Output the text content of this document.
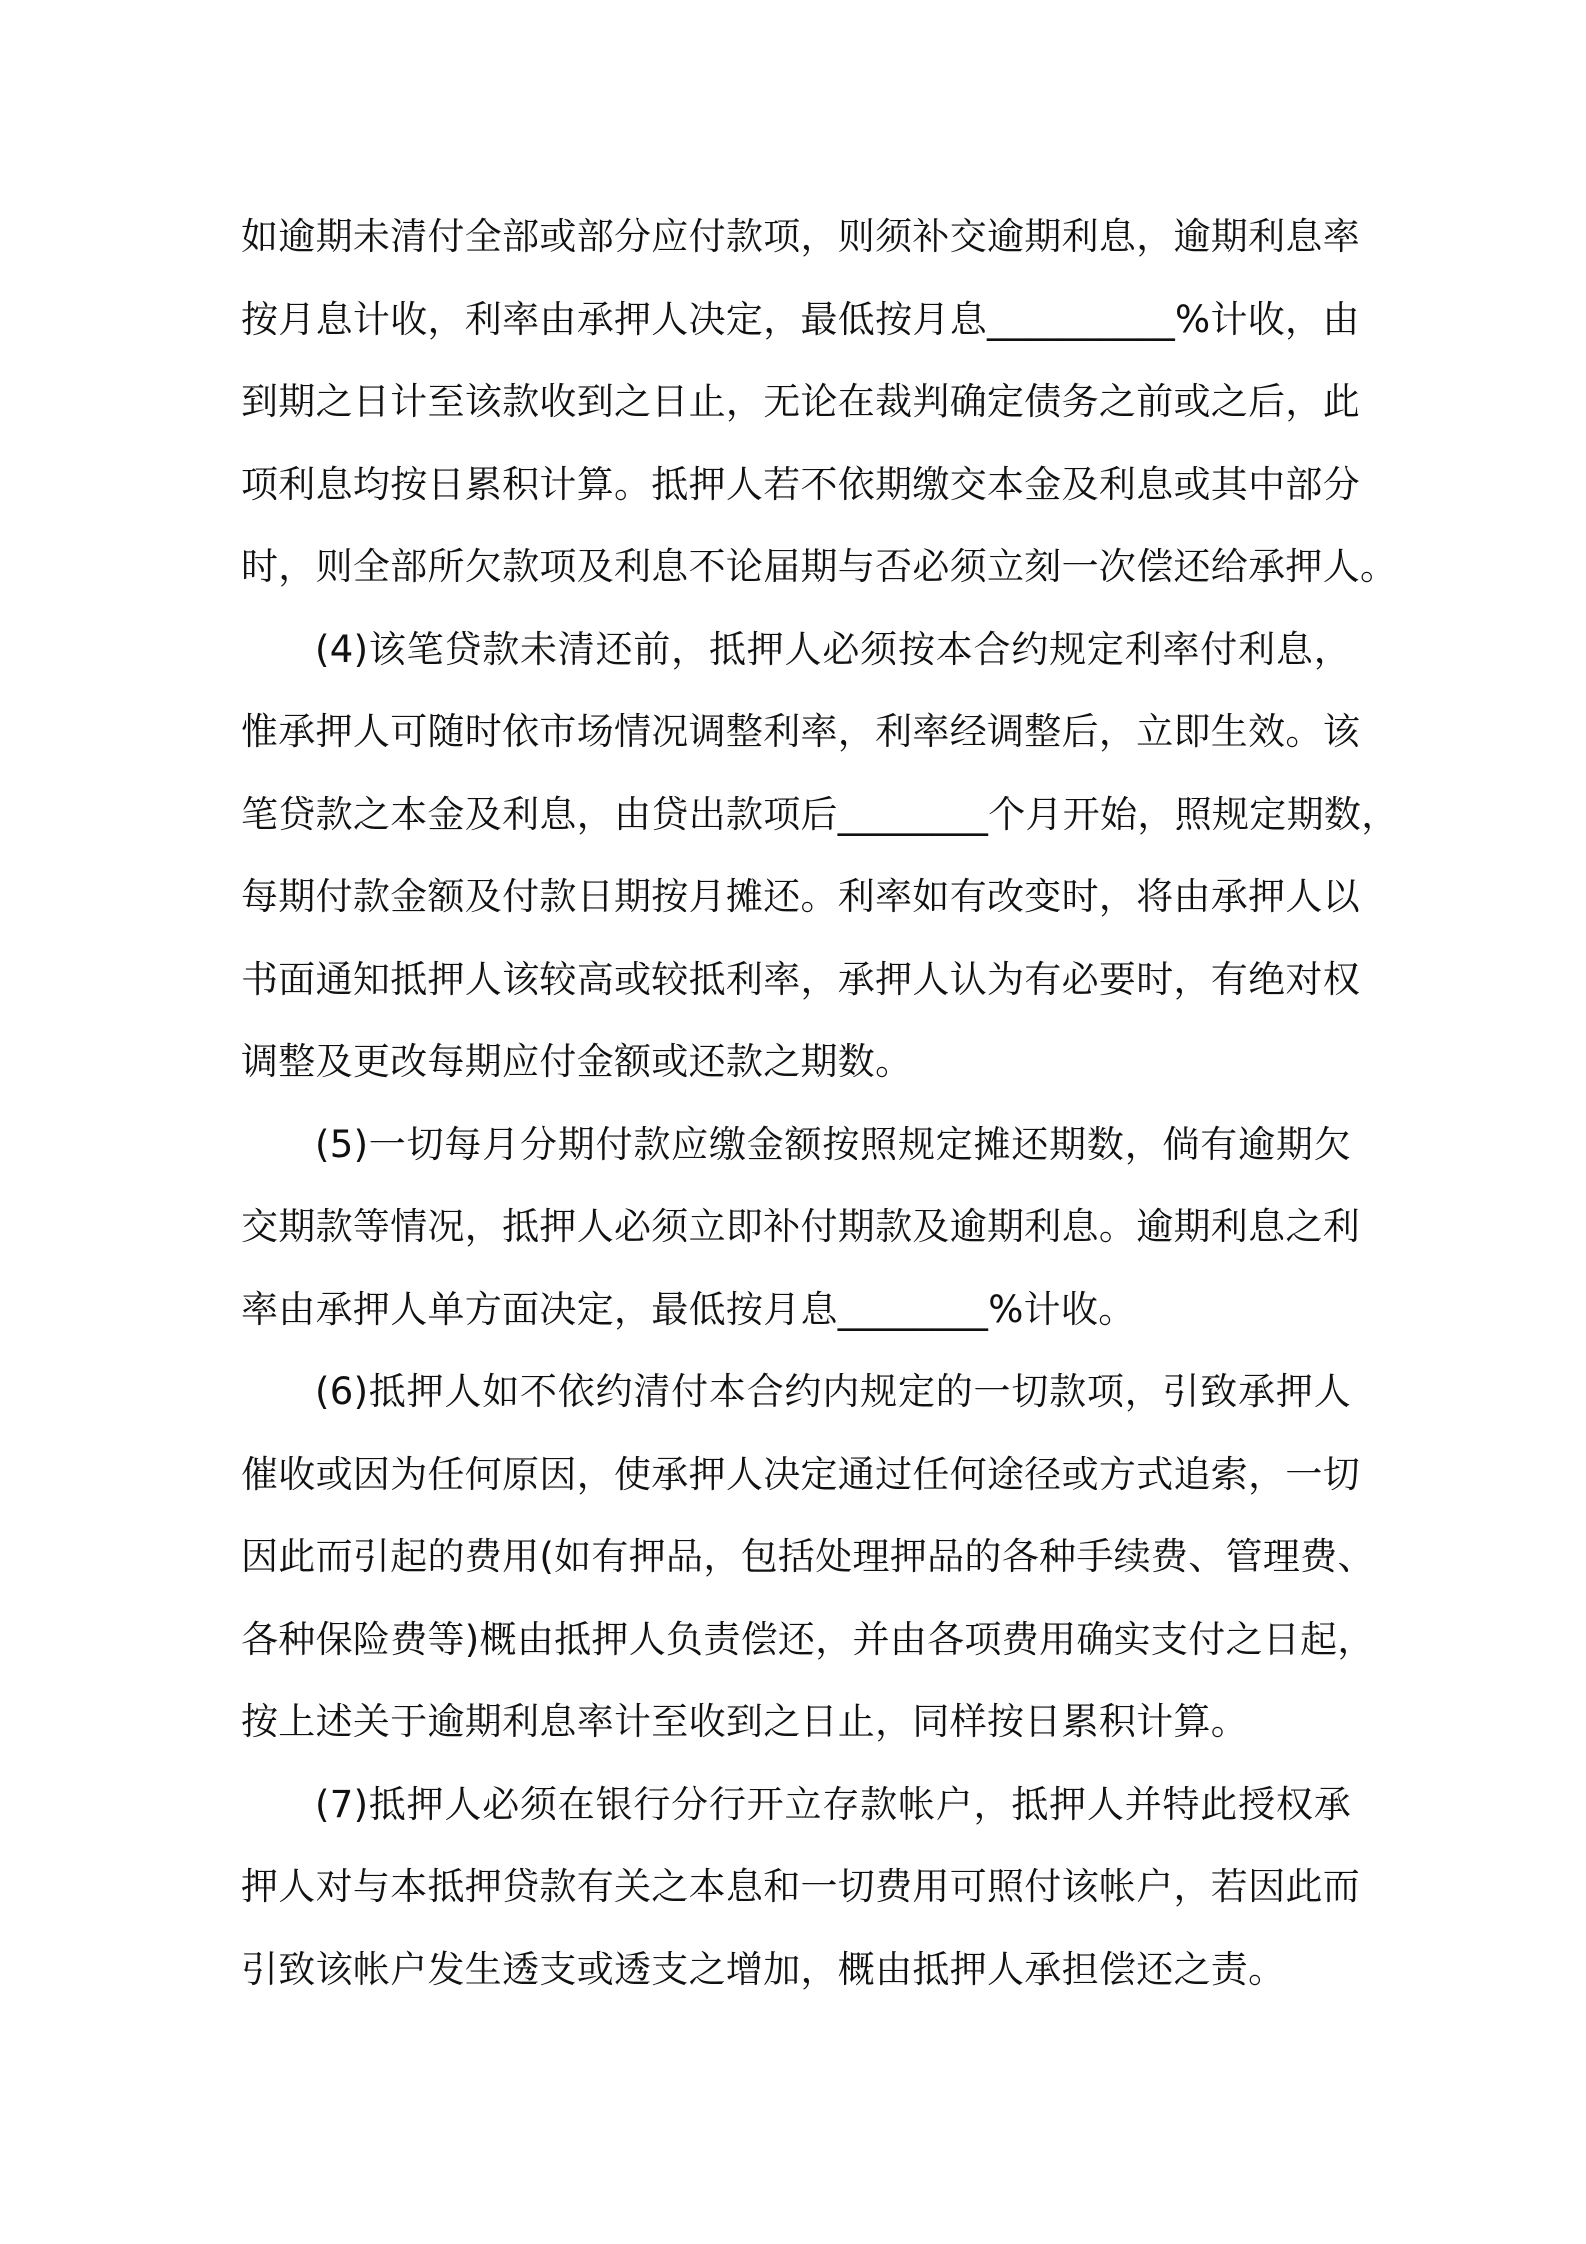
如逾期未清付全部或部分应付款项，则须补交逾期利息，逾期利息率
按月息计收，利率由承押人决定，最低按月息__________%计收，由
到期之日计至该款收到之日止，无论在裁判确定债务之前或之后，此
项利息均按日累积计算。抵押人若不依期缴交本金及利息或其中部分
时，则全部所欠款项及利息不论届期与否必须立刻一次偿还给承押人。

(4)该笔贷款未清还前，抵押人必须按本合约规定利率付利息，
惟承押人可随时依市场情况调整利率，利率经调整后，立即生效。该
笔贷款之本金及利息，由贷出款项后________个月开始，照规定期数，
每期付款金额及付款日期按月摊还。利率如有改变时，将由承押人以
书面通知抵押人该较高或较抵利率，承押人认为有必要时，有绝对权
调整及更改每期应付金额或还款之期数。

(5)一切每月分期付款应缴金额按照规定摊还期数，倘有逾期欠
交期款等情况，抵押人必须立即补付期款及逾期利息。逾期利息之利
率由承押人单方面决定，最低按月息________%计收。

(6)抵押人如不依约清付本合约内规定的一切款项，引致承押人
催收或因为任何原因，使承押人决定通过任何途径或方式追索，一切
因此而引起的费用(如有押品，包括处理押品的各种手续费、管理费、
各种保险费等)概由抵押人负责偿还，并由各项费用确实支付之日起，
按上述关于逾期利息率计至收到之日止，同样按日累积计算。

(7)抵押人必须在银行分行开立存款帐户，抵押人并特此授权承
押人对与本抵押贷款有关之本息和一切费用可照付该帐户，若因此而
引致该帐户发生透支或透支之增加，概由抵押人承担偿还之责。
